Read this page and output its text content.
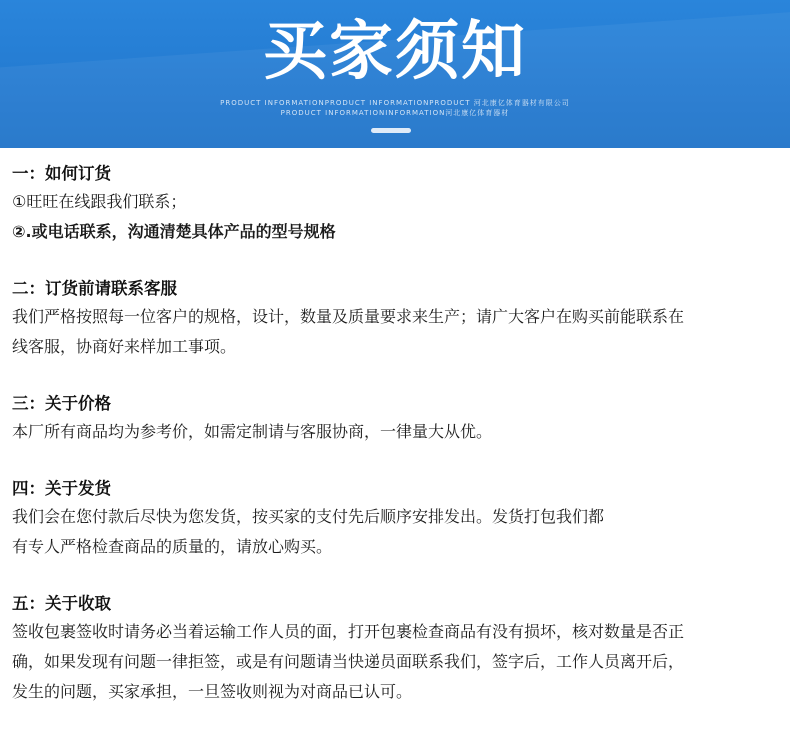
买家须知
PRODUCT INFORMATIONPRODUCT INFORMATIONPRODUCT 河北康亿体育器材有限公司
PRODUCT INFORMATIONINFORMATION河北康亿体育器材
一：如何订货
①旺旺在线跟我们联系；
②.或电话联系，沟通清楚具体产品的型号规格
二：订货前请联系客服
我们严格按照每一位客户的规格，设计，数量及质量要求来生产；请广大客户在购买前能联系在
线客服，协商好来样加工事项。
三：关于价格
本厂所有商品均为参考价，如需定制请与客服协商，一律量大从优。
四：关于发货
我们会在您付款后尽快为您发货，按买家的支付先后顺序安排发出。发货打包我们都
有专人严格检查商品的质量的，请放心购买。
五：关于收取
签收包裹签收时请务必当着运输工作人员的面，打开包裹检查商品有没有损坏，核对数量是否正
确，如果发现有问题一律拒签，或是有问题请当快递员面联系我们，签字后，工作人员离开后，
发生的问题，买家承担，一旦签收则视为对商品已认可。
